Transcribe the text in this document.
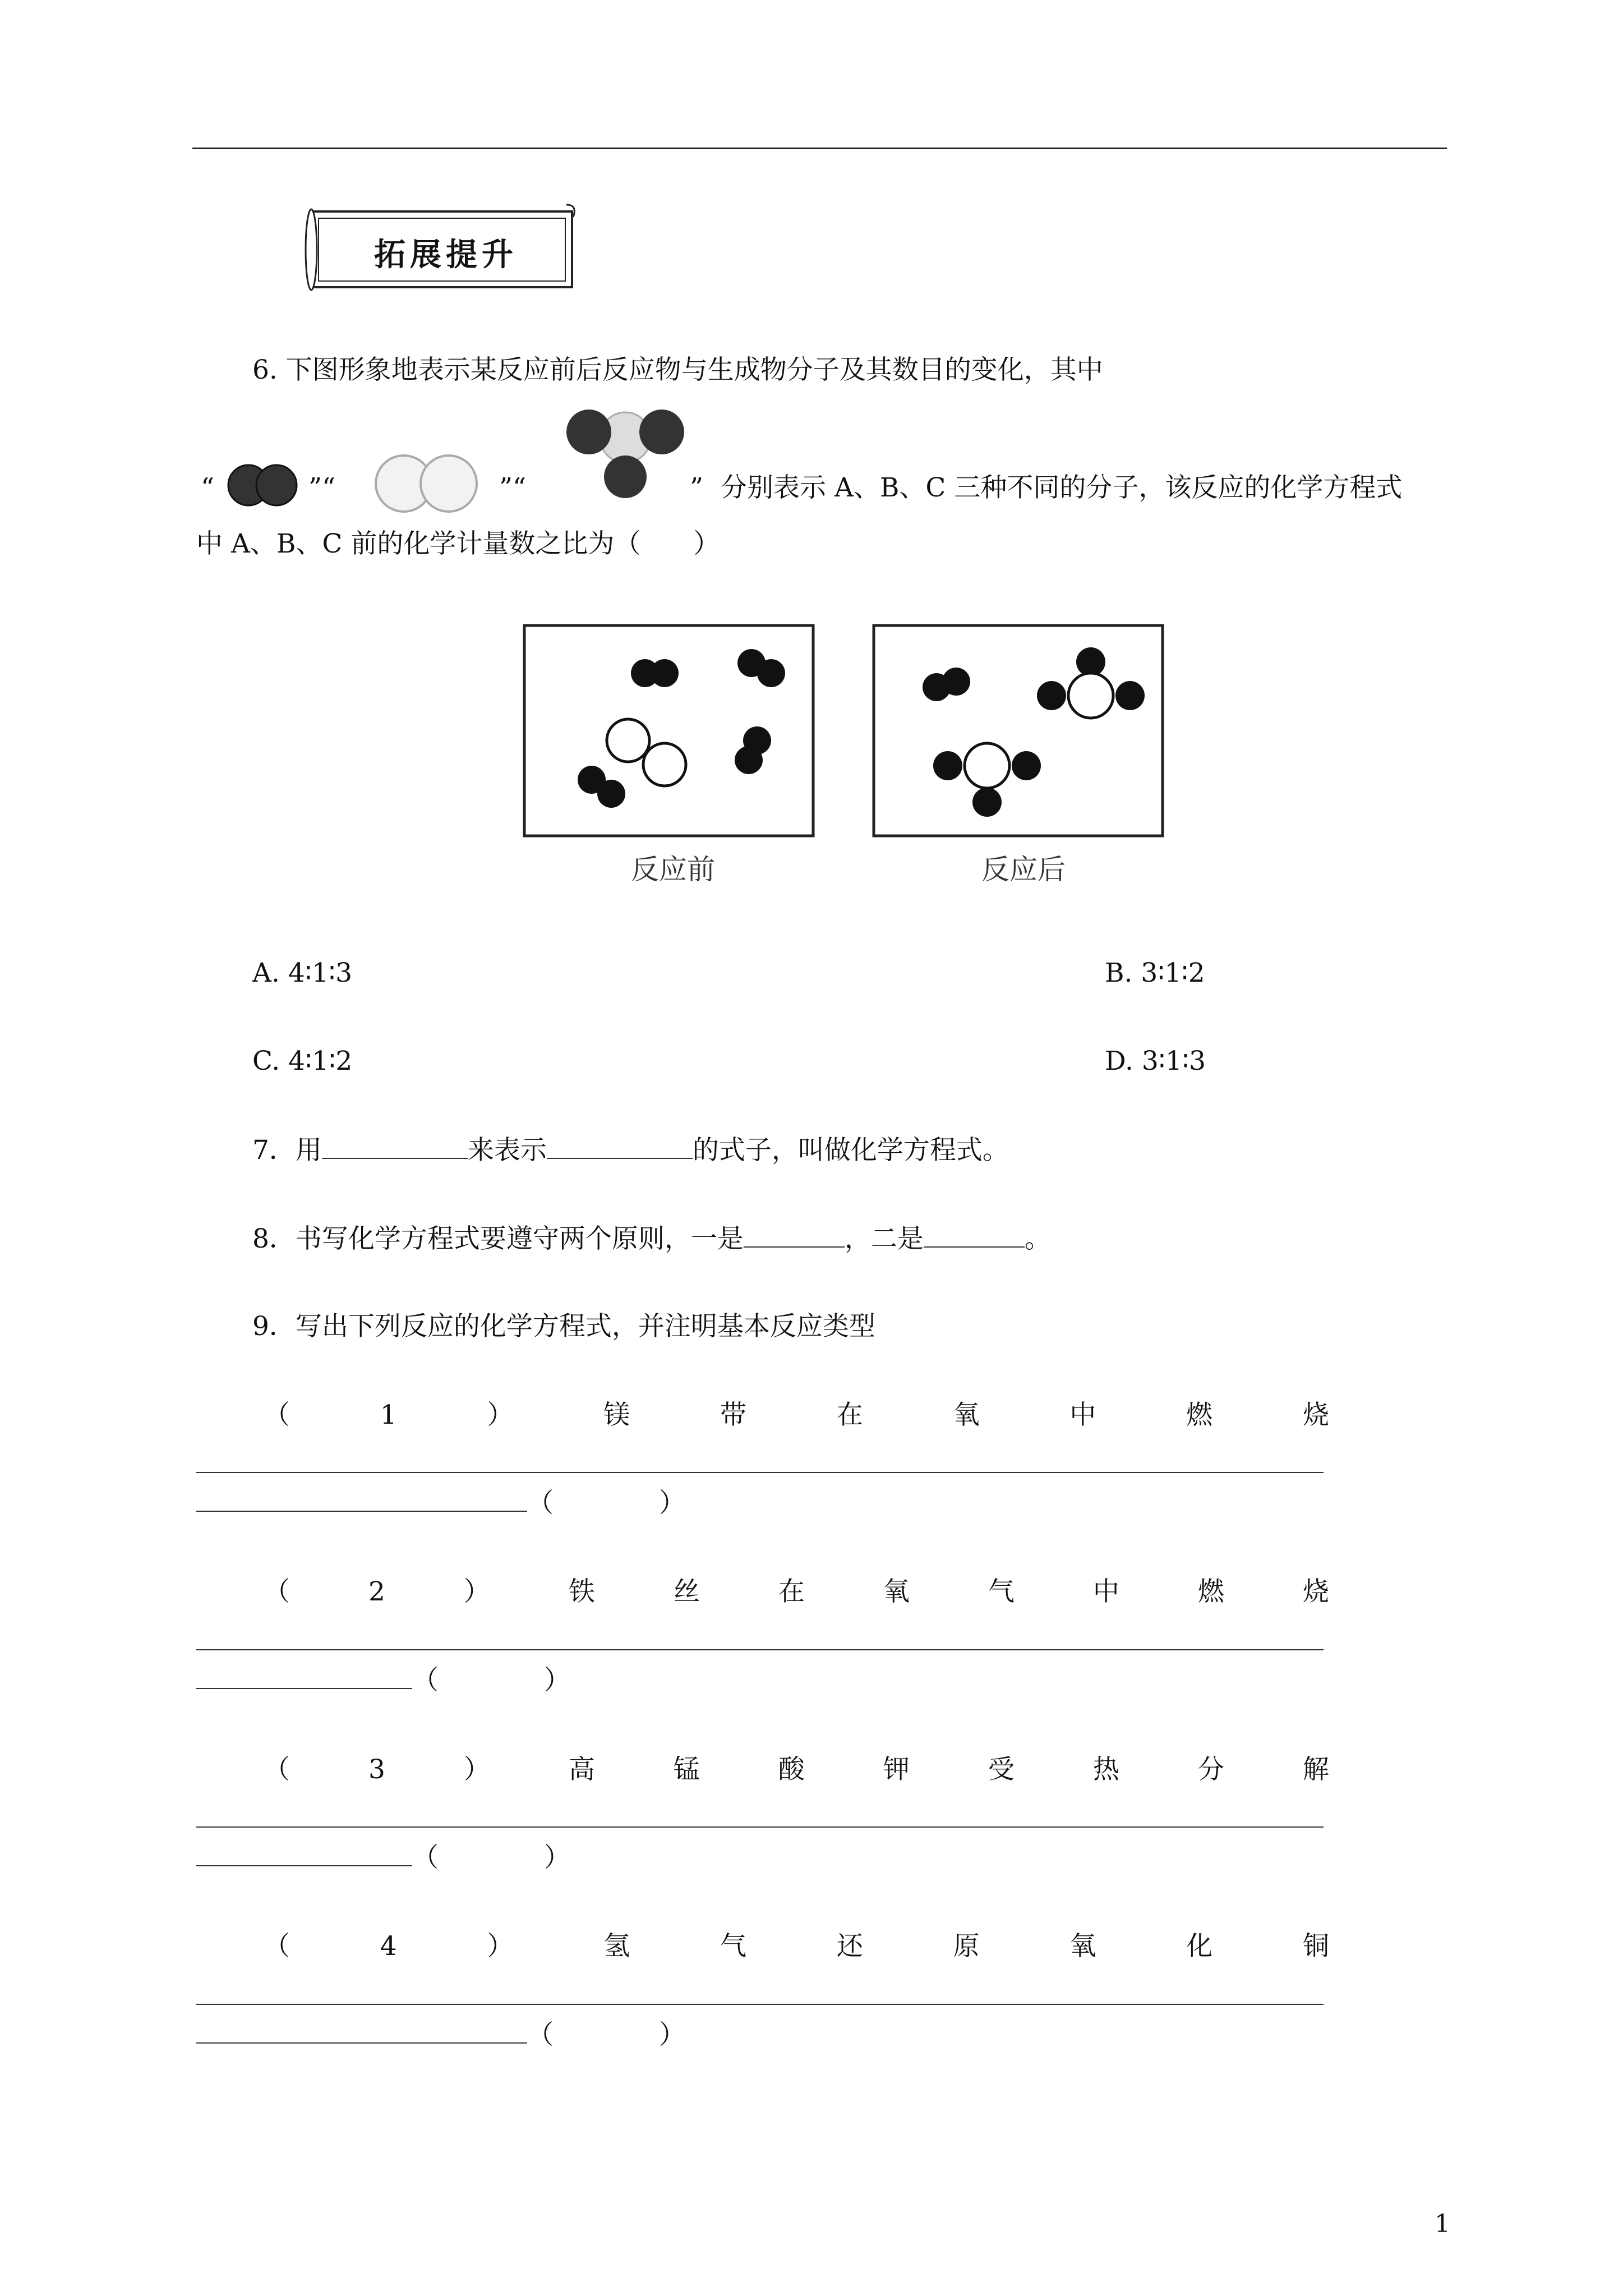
拓展提升
6. 下图形象地表示某反应前后反应物与生成物分子及其数目的变化，其中
“	”“	”“	” 分别表示 A、B、C 三种不同的分子，该反应的化学方程式
中 A、B、C 前的化学计量数之比为（　　）
反应前	反应后
A. 4∶1∶3	B. 3∶1∶2
C. 4∶1∶2	D. 3∶1∶3
7．用	来表示	的式子，叫做化学方程式。
8．书写化学方程式要遵守两个原则，一是	，二是	。
9．写出下列反应的化学方程式，并注明基本反应类型
（	1	）	镁	带	在	氧	中	燃	烧
（　　　　）
（	2	）	铁	丝	在	氧	气	中	燃	烧
（　　　　）
（	3	）	高	锰	酸	钾	受	热	分	解
（　　　　）
（	4	）	氢	气	还	原	氧	化	铜
（　　　　）
1
